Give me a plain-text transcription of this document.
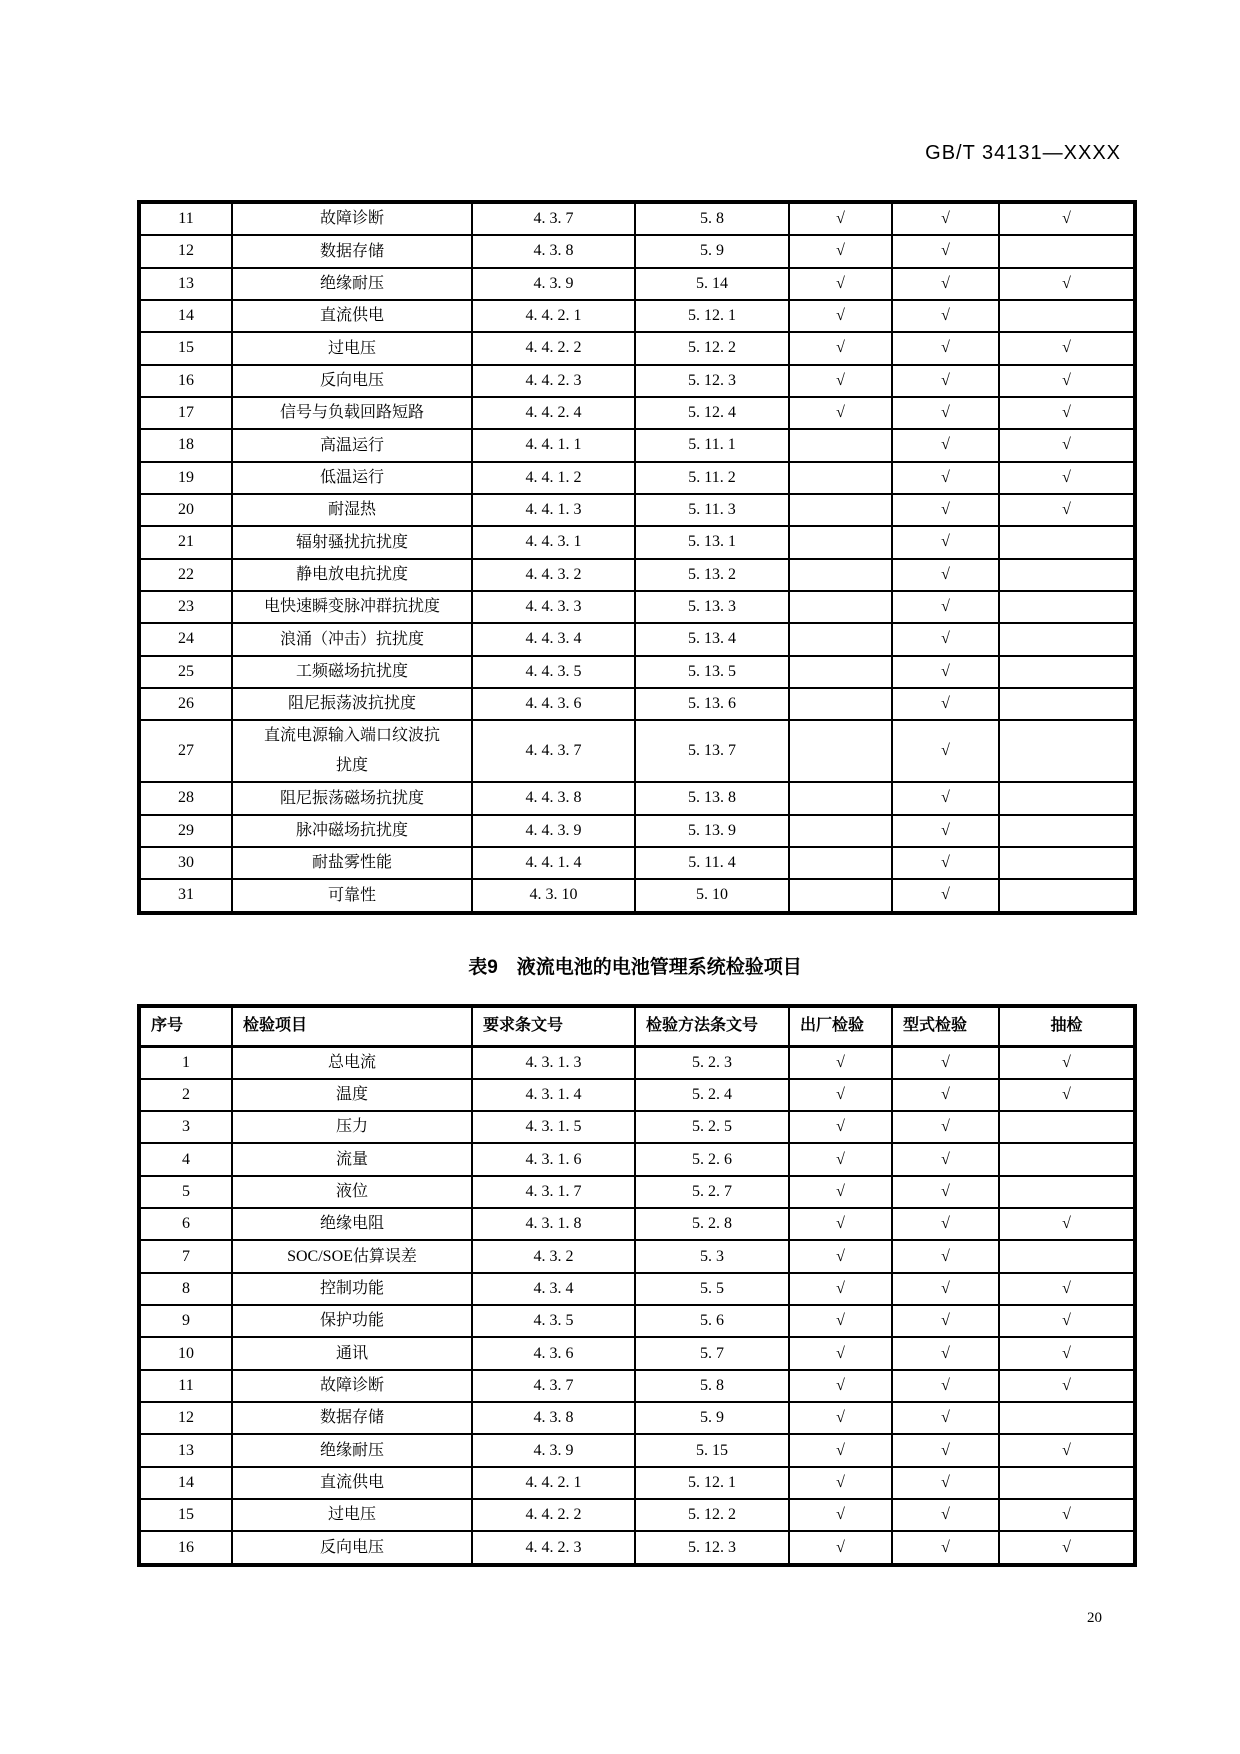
GB/T 34131—XXXX
11	故障诊断	4. 3. 7	5. 8	√	√	√
12	数据存储	4. 3. 8	5. 9	√	√	
13	绝缘耐压	4. 3. 9	5. 14	√	√	√
14	直流供电	4. 4. 2. 1	5. 12. 1	√	√	
15	过电压	4. 4. 2. 2	5. 12. 2	√	√	√
16	反向电压	4. 4. 2. 3	5. 12. 3	√	√	√
17	信号与负载回路短路	4. 4. 2. 4	5. 12. 4	√	√	√
18	高温运行	4. 4. 1. 1	5. 11. 1		√	√
19	低温运行	4. 4. 1. 2	5. 11. 2		√	√
20	耐湿热	4. 4. 1. 3	5. 11. 3		√	√
21	辐射骚扰抗扰度	4. 4. 3. 1	5. 13. 1		√	
22	静电放电抗扰度	4. 4. 3. 2	5. 13. 2		√	
23	电快速瞬变脉冲群抗扰度	4. 4. 3. 3	5. 13. 3		√	
24	浪涌（冲击）抗扰度	4. 4. 3. 4	5. 13. 4		√	
25	工频磁场抗扰度	4. 4. 3. 5	5. 13. 5		√	
26	阻尼振荡波抗扰度	4. 4. 3. 6	5. 13. 6		√	
27	直流电源输入端口纹波抗扰度	4. 4. 3. 7	5. 13. 7		√	
28	阻尼振荡磁场抗扰度	4. 4. 3. 8	5. 13. 8		√	
29	脉冲磁场抗扰度	4. 4. 3. 9	5. 13. 9		√	
30	耐盐雾性能	4. 4. 1. 4	5. 11. 4		√	
31	可靠性	4. 3. 10	5. 10		√	
表9　液流电池的电池管理系统检验项目
序号	检验项目	要求条文号	检验方法条文号	出厂检验	型式检验	抽检
1	总电流	4. 3. 1. 3	5. 2. 3	√	√	√
2	温度	4. 3. 1. 4	5. 2. 4	√	√	√
3	压力	4. 3. 1. 5	5. 2. 5	√	√	
4	流量	4. 3. 1. 6	5. 2. 6	√	√	
5	液位	4. 3. 1. 7	5. 2. 7	√	√	
6	绝缘电阻	4. 3. 1. 8	5. 2. 8	√	√	√
7	SOC/SOE估算误差	4. 3. 2	5. 3	√	√	
8	控制功能	4. 3. 4	5. 5	√	√	√
9	保护功能	4. 3. 5	5. 6	√	√	√
10	通讯	4. 3. 6	5. 7	√	√	√
11	故障诊断	4. 3. 7	5. 8	√	√	√
12	数据存储	4. 3. 8	5. 9	√	√	
13	绝缘耐压	4. 3. 9	5. 15	√	√	√
14	直流供电	4. 4. 2. 1	5. 12. 1	√	√	
15	过电压	4. 4. 2. 2	5. 12. 2	√	√	√
16	反向电压	4. 4. 2. 3	5. 12. 3	√	√	√
20
